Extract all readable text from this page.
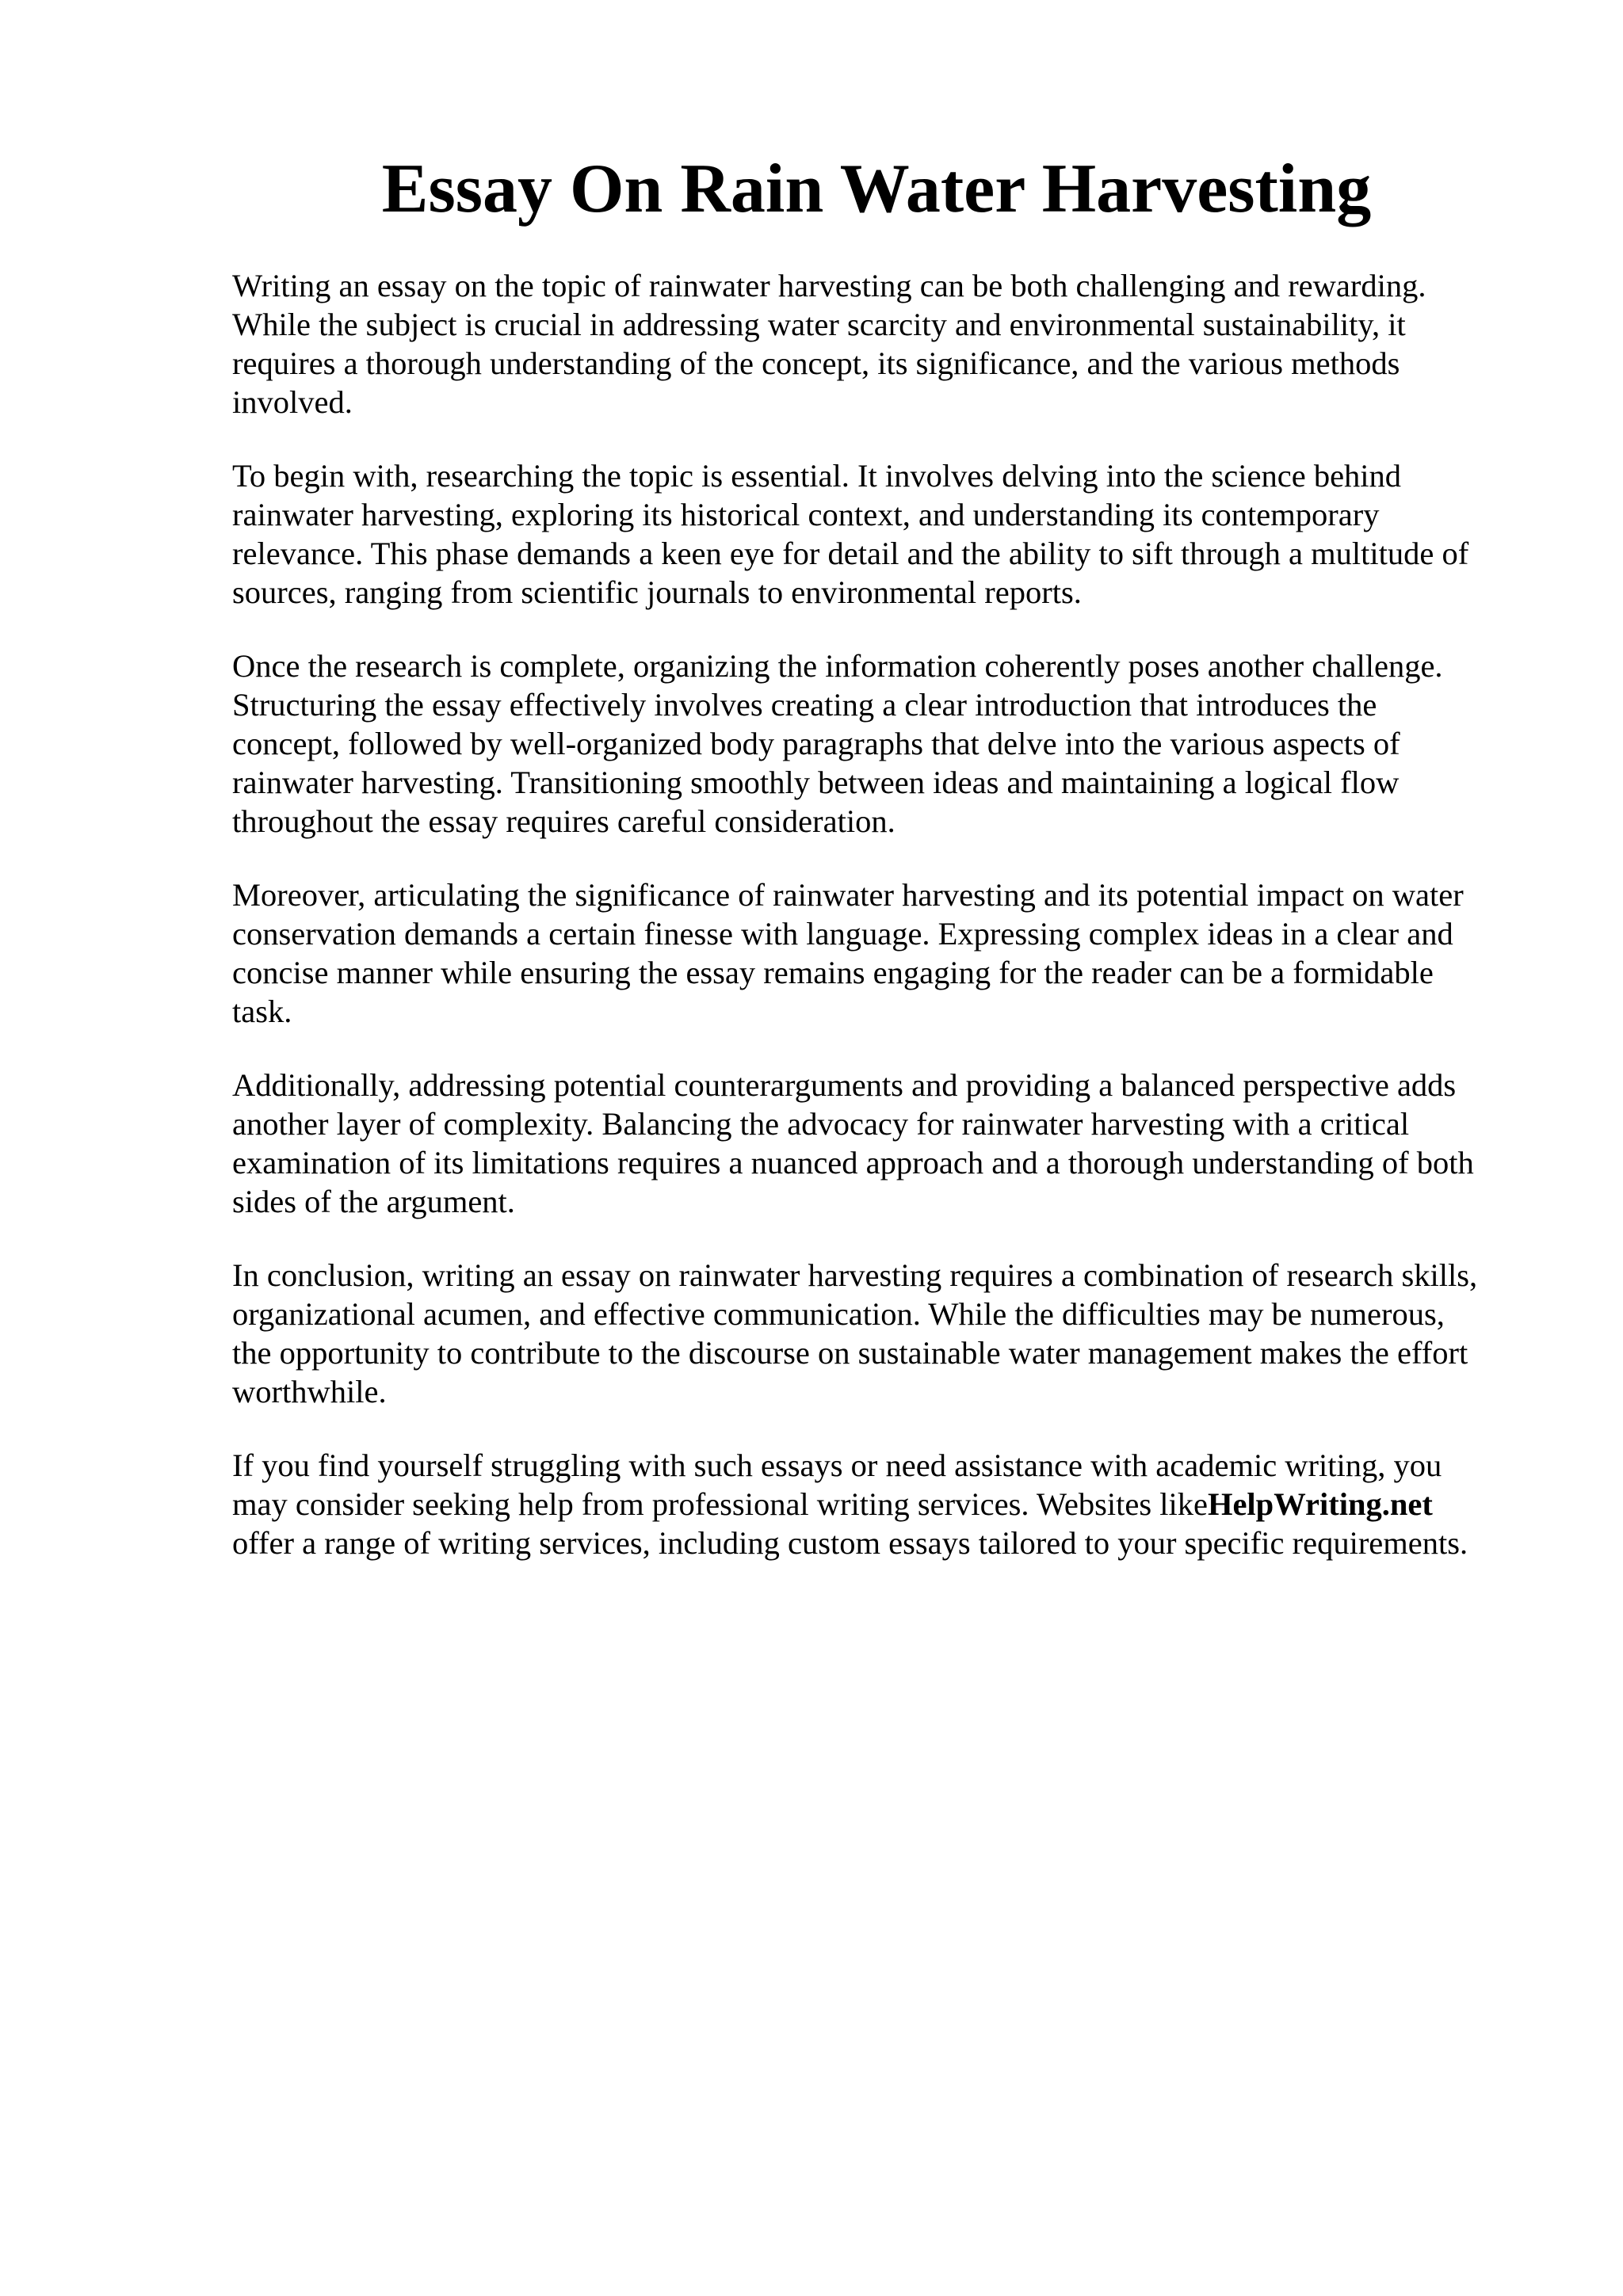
Essay On Rain Water Harvesting

Writing an essay on the topic of rainwater harvesting can be both challenging and rewarding.
While the subject is crucial in addressing water scarcity and environmental sustainability, it
requires a thorough understanding of the concept, its significance, and the various methods
involved.

To begin with, researching the topic is essential. It involves delving into the science behind
rainwater harvesting, exploring its historical context, and understanding its contemporary
relevance. This phase demands a keen eye for detail and the ability to sift through a multitude of
sources, ranging from scientific journals to environmental reports.

Once the research is complete, organizing the information coherently poses another challenge.
Structuring the essay effectively involves creating a clear introduction that introduces the
concept, followed by well-organized body paragraphs that delve into the various aspects of
rainwater harvesting. Transitioning smoothly between ideas and maintaining a logical flow
throughout the essay requires careful consideration.

Moreover, articulating the significance of rainwater harvesting and its potential impact on water
conservation demands a certain finesse with language. Expressing complex ideas in a clear and
concise manner while ensuring the essay remains engaging for the reader can be a formidable
task.

Additionally, addressing potential counterarguments and providing a balanced perspective adds
another layer of complexity. Balancing the advocacy for rainwater harvesting with a critical
examination of its limitations requires a nuanced approach and a thorough understanding of both
sides of the argument.

In conclusion, writing an essay on rainwater harvesting requires a combination of research skills,
organizational acumen, and effective communication. While the difficulties may be numerous,
the opportunity to contribute to the discourse on sustainable water management makes the effort
worthwhile.

If you find yourself struggling with such essays or need assistance with academic writing, you
may consider seeking help from professional writing services. Websites likeHelpWriting.net
offer a range of writing services, including custom essays tailored to your specific requirements.
